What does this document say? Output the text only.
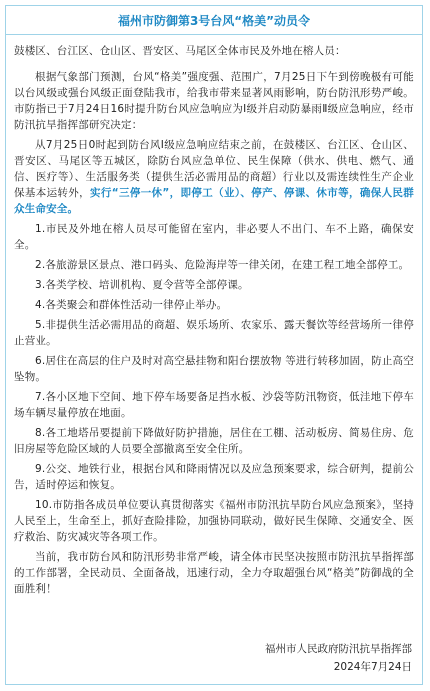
福州市防御第3号台风“格美”动员令
鼓楼区、台江区、仓山区、晋安区、马尾区全体市民及外地在榕人员：

根据气象部门预测，台风“格美”强度强、范围广，7月25日下午到傍晚极有可能以台风级或强台风级正面登陆我市，给我市带来显著风雨影响，防台防汛形势严峻。市防指已于7月24日16时提升防台风应急响应为Ⅰ级并启动防暴雨Ⅱ级应急响应，经市防汛抗旱指挥部研究决定：

从7月25日0时起到防台风Ⅰ级应急响应结束之前，在鼓楼区、台江区、仓山区、晋安区、马尾区等五城区，除防台风应急单位、民生保障（供水、供电、燃气、通信、医疗等）、生活服务类（提供生活必需用品的商超）行业以及需连续性生产企业保基本运转外，实行“三停一休”，即停工（业）、停产、停课、休市等，确保人民群众生命安全。

1.市民及外地在榕人员尽可能留在室内，非必要人不出门、车不上路，确保安全。

2.各旅游景区景点、港口码头、危险海岸等一律关闭，在建工程工地全部停工。

3.各类学校、培训机构、夏令营等全部停课。

4.各类聚会和群体性活动一律停止举办。

5.非提供生活必需用品的商超、娱乐场所、农家乐、露天餐饮等经营场所一律停止营业。

6.居住在高层的住户及时对高空悬挂物和阳台摆放物 等进行转移加固，防止高空坠物。

7.各小区地下空间、地下停车场要备足挡水板、沙袋等防汛物资，低洼地下停车场车辆尽量停放在地面。

8.各工地塔吊要提前下降做好防护措施，居住在工棚、活动板房、简易住房、危旧房屋等危险区域的人员要全部撤离至安全住所。

9.公交、地铁行业，根据台风和降雨情况以及应急预案要求，综合研判，提前公告，适时停运和恢复。

10.市防指各成员单位要认真贯彻落实《福州市防汛抗旱防台风应急预案》，坚持人民至上，生命至上，抓好查险排险，加强协同联动，做好民生保障、交通安全、医疗救治、防灾减灾等各项工作。

当前，我市防台风和防汛形势非常严峻，请全体市民坚决按照市防汛抗旱指挥部的工作部署，全民动员、全面备战，迅速行动，全力夺取超强台风“格美”防御战的全面胜利！

福州市人民政府防汛抗旱指挥部
2024年7月24日
